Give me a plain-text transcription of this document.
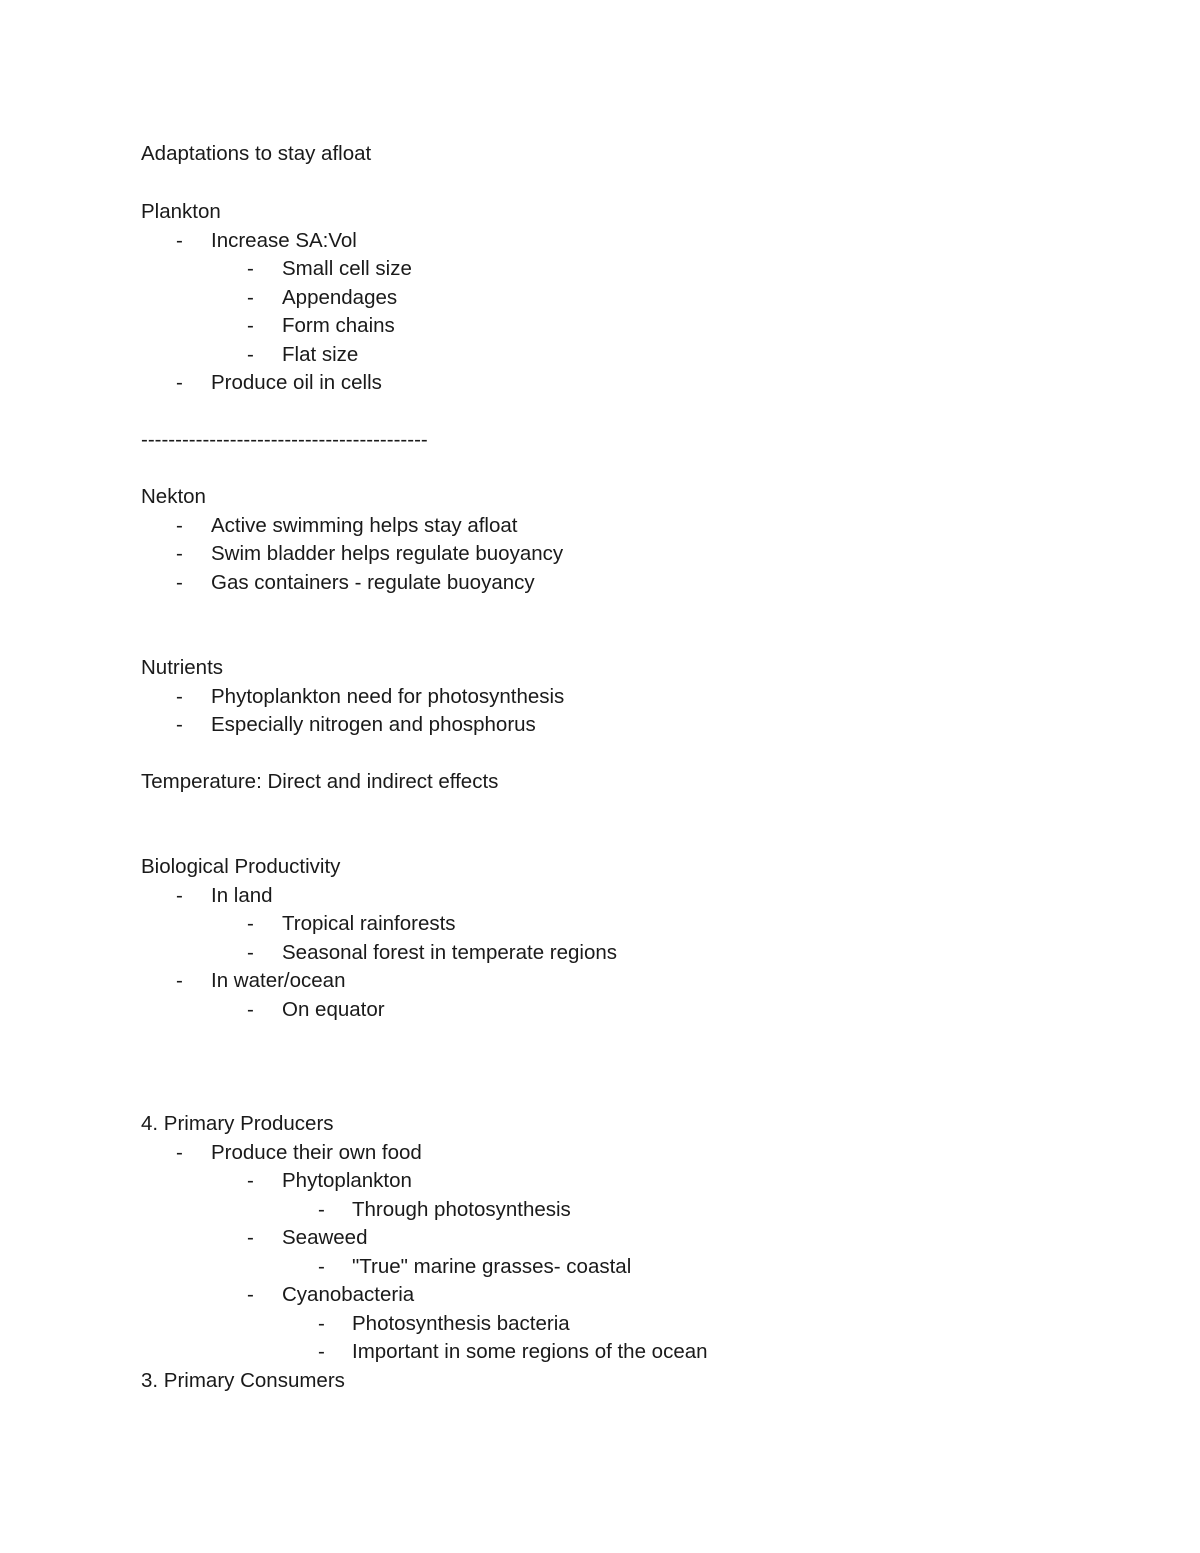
Adaptations to stay afloat
Plankton
- Increase SA:Vol
- Small cell size
- Appendages
- Form chains
- Flat size
- Produce oil in cells
------------------------------------------
Nekton
- Active swimming helps stay afloat
- Swim bladder helps regulate buoyancy
- Gas containers - regulate buoyancy
Nutrients
- Phytoplankton need for photosynthesis
- Especially nitrogen and phosphorus
Temperature: Direct and indirect effects
Biological Productivity
- In land
- Tropical rainforests
- Seasonal forest in temperate regions
- In water/ocean
- On equator
4. Primary Producers
- Produce their own food
- Phytoplankton
- Through photosynthesis
- Seaweed
- "True" marine grasses- coastal
- Cyanobacteria
- Photosynthesis bacteria
- Important in some regions of the ocean
3. Primary Consumers
